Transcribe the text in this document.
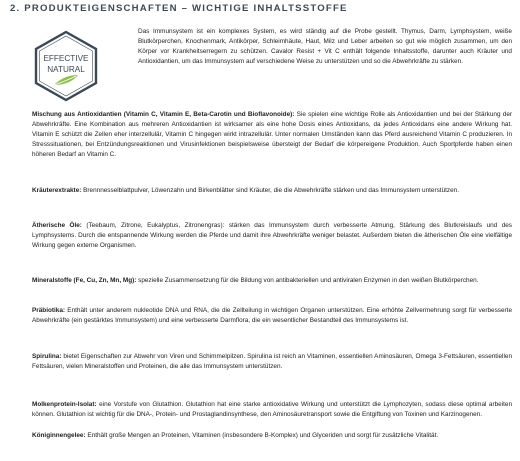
2. PRODUKTEIGENSCHAFTEN – WICHTIGE INHALTSSTOFFE
EFFECTIVE
NATURAL

Das Immunsystem ist ein komplexes System, es wird ständig auf die Probe gestellt. Thymus, Darm, Lymphsystem, weiße Blutkörperchen, Knochenmark, Antikörper, Schleimhäute, Haut, Milz und Leber arbeiten so gut wie möglich zusammen, um den Körper vor Krankheitserregern zu schützen. Cavalor Resist + Vit C enthält folgende Inhaltsstoffe, darunter auch Kräuter und Antioxidantien, um das Immunsystem auf verschiedene Weise zu unterstützen und so die Abwehrkräfte zu stärken.

Mischung aus Antioxidantien (Vitamin C, Vitamin E, Beta-Carotin und Bioflavonoide): Sie spielen eine wichtige Rolle als Antioxidantien und bei der Stärkung der Abwehrkräfte. Eine Kombination aus mehreren Antioxidantien ist wirksamer als eine hohe Dosis eines Antioxidans, da jedes Antioxidans eine andere Wirkung hat. Vitamin E schützt die Zellen eher interzellulär, Vitamin C hingegen wirkt intrazellulär. Unter normalen Umständen kann das Pferd ausreichend Vitamin C produzieren. In Stresssituationen, bei Entzündungsreaktionen und Virusinfektionen beispielsweise übersteigt der Bedarf die körpereigene Produktion. Auch Sportpferde haben einen höheren Bedarf an Vitamin C.

Kräuterextrakte: Brennnesselblattpulver, Löwenzahn und Birkenblätter sind Kräuter, die die Abwehrkräfte stärken und das Immunsystem unterstützen.

Ätherische Öle: (Teebaum, Zitrone, Eukalyptus, Zitronengras): stärken das Immunsystem durch verbesserte Atmung, Stärkung des Blutkreislaufs und des Lymphsystems. Durch die entspannende Wirkung werden die Pferde und damit ihre Abwehrkräfte weniger belastet. Außerdem bieten die ätherischen Öle eine vielfältige Wirkung gegen externe Organismen.

Mineralstoffe (Fe, Cu, Zn, Mn, Mg): spezielle Zusammensetzung für die Bildung von antibakteriellen und antiviralen Enzymen in den weißen Blutkörperchen.

Präbiotika: Enthält unter anderem nukleotide DNA und RNA, die die Zellteilung in wichtigen Organen unterstützen. Eine erhöhte Zellvermehrung sorgt für verbesserte Abwehrkräfte (ein gestärktes Immunsystem) und eine verbesserte Darmflora, die ein wesentlicher Bestandteil des Immunsystems ist.

Spirulina: bietet Eigenschaften zur Abwehr von Viren und Schimmelpilzen. Spirulina ist reich an Vitaminen, essentiellen Aminosäuren, Omega 3-Fettsäuren, essentiellen Fettsäuren, vielen Mineralstoffen und Proteinen, die alle das Immunsystem unterstützen.

Molkenprotein-Isolat: eine Vorstufe von Glutathion. Glutathion hat eine starke antioxidative Wirkung und unterstützt die Lymphozyten, sodass diese optimal arbeiten können. Glutathion ist wichtig für die DNA-, Protein- und Prostaglandinsynthese, den Aminosäuretransport sowie die Entgiftung von Toxinen und Karzinogenen.

Königinnengelee: Enthält große Mengen an Proteinen, Vitaminen (insbesondere B-Komplex) und Glyceriden und sorgt für zusätzliche Vitalität.
